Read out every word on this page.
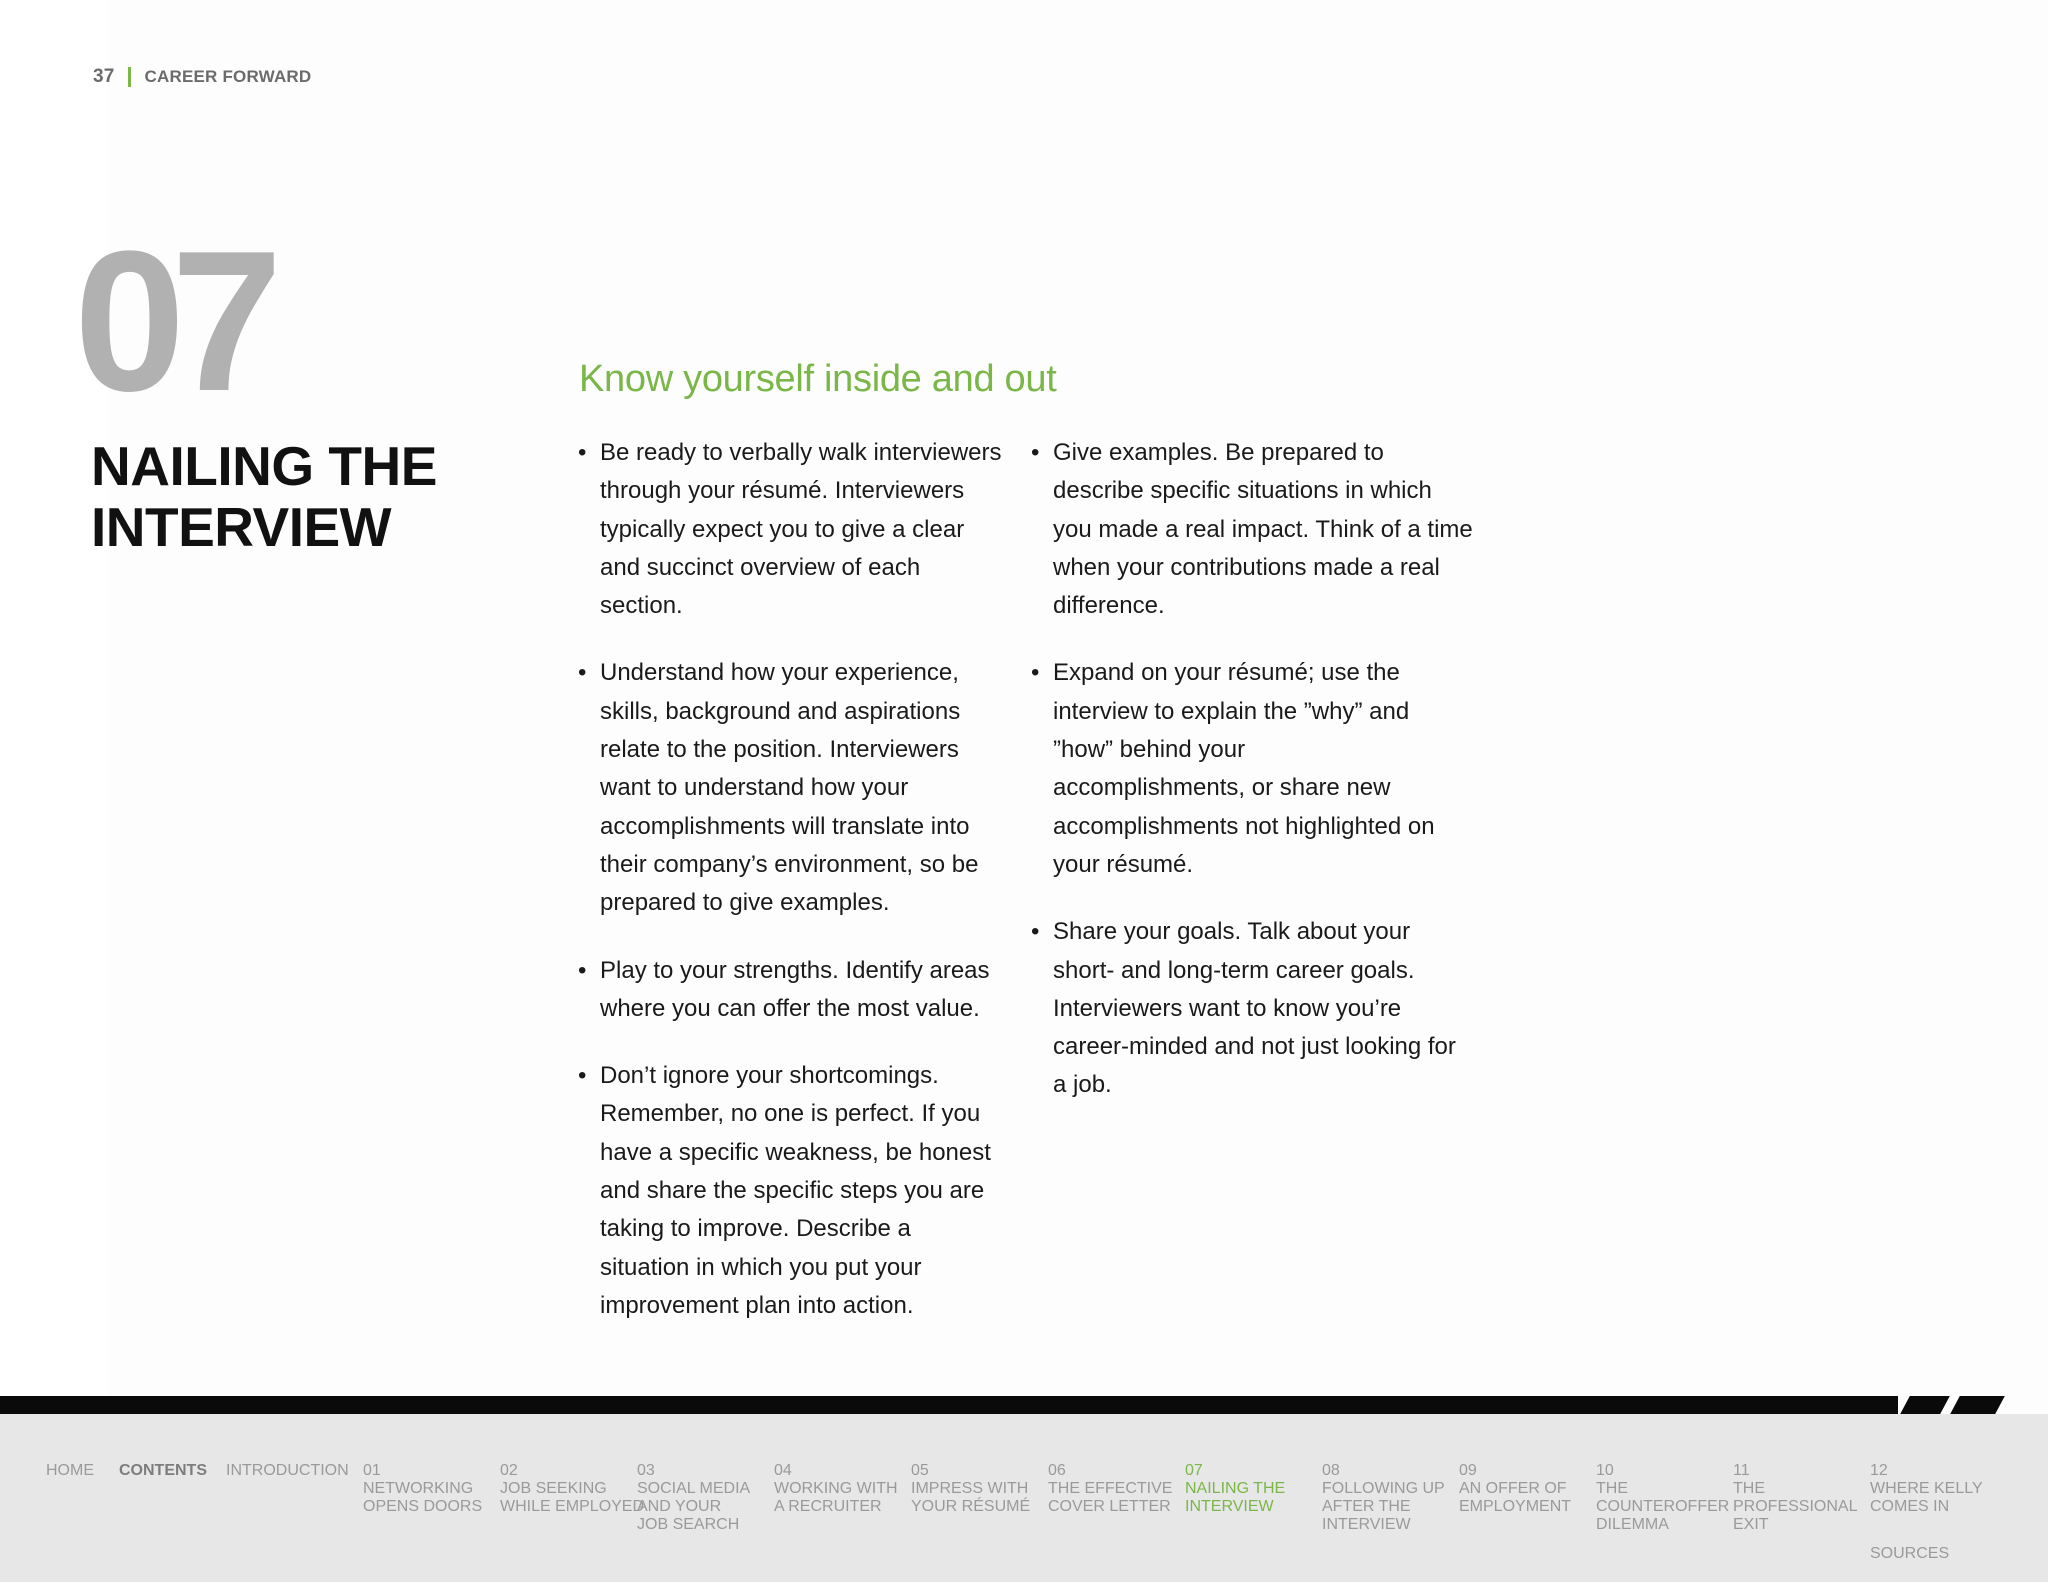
37 CAREER FORWARD
07
NAILING THE
INTERVIEW
Know yourself inside and out
• Be ready to verbally walk interviewers through your résumé. Interviewers typically expect you to give a clear and succinct overview of each section.
• Understand how your experience, skills, background and aspirations relate to the position. Interviewers want to understand how your accomplishments will translate into their company’s environment, so be prepared to give examples.
• Play to your strengths. Identify areas where you can offer the most value.
• Don’t ignore your shortcomings. Remember, no one is perfect. If you have a specific weakness, be honest and share the specific steps you are taking to improve. Describe a situation in which you put your improvement plan into action.
• Give examples. Be prepared to describe specific situations in which you made a real impact. Think of a time when your contributions made a real difference.
• Expand on your résumé; use the interview to explain the ”why” and ”how” behind your accomplishments, or share new accomplishments not highlighted on your résumé.
• Share your goals. Talk about your short- and long-term career goals. Interviewers want to know you’re career-minded and not just looking for a job.
HOME CONTENTS INTRODUCTION 01
NETWORKING
OPENS DOORS
02
JOB SEEKING
WHILE EMPLOYED
03
SOCIAL MEDIA
AND YOUR
JOB SEARCH
04
WORKING WITH
A RECRUITER
05
IMPRESS WITH
YOUR RÉSUMÉ
06
THE EFFECTIVE
COVER LETTER
07
NAILING THE
INTERVIEW
08
FOLLOWING UP
AFTER THE
INTERVIEW
09
AN OFFER OF
EMPLOYMENT
10
THE
COUNTEROFFER
DILEMMA
11
THE
PROFESSIONAL
EXIT
12
WHERE KELLY
COMES IN
SOURCES
